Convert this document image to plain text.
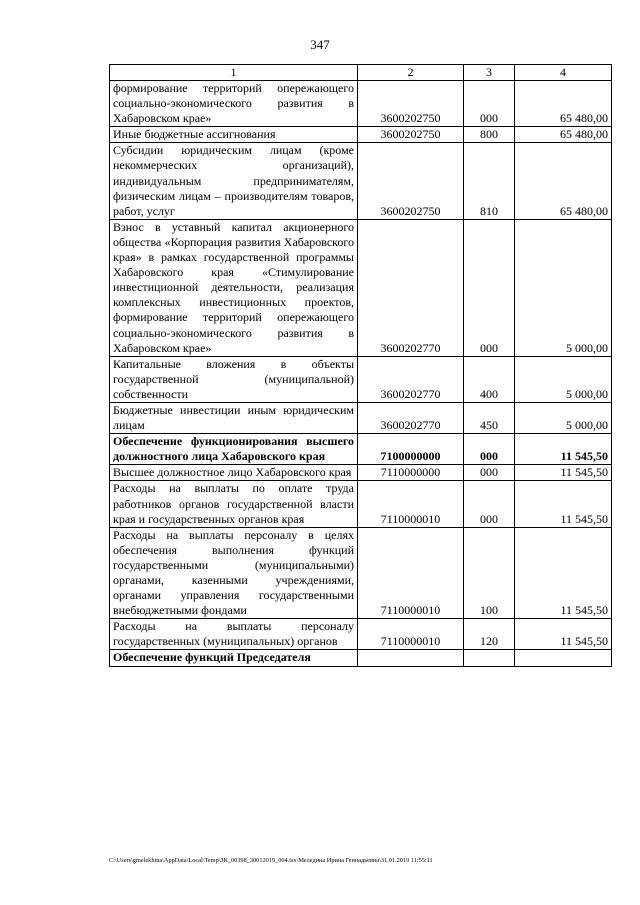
347
1	2	3	4
формирование территорий опережающего социально-экономического развития в Хабаровском крае»	3600202750	000	65 480,00
Иные бюджетные ассигнования	3600202750	800	65 480,00
Субсидии юридическим лицам (кроме некоммерческих организаций), индивидуальным предпринимателям, физическим лицам – производителям товаров, работ, услуг	3600202750	810	65 480,00
Взнос в уставный капитал акционерного общества «Корпорация развития Хабаровского края» в рамках государственной программы Хабаровского края «Стимулирование инвестиционной деятельности, реализация комплексных инвестиционных проектов, формирование территорий опережающего социально-экономического развития в Хабаровском крае»	3600202770	000	5 000,00
Капитальные вложения в объекты государственной (муниципальной) собственности	3600202770	400	5 000,00
Бюджетные инвестиции иным юридическим лицам	3600202770	450	5 000,00
Обеспечение функционирования высшего должностного лица Хабаровского края	7100000000	000	11 545,50
Высшее должностное лицо Хабаровского края	7110000000	000	11 545,50
Расходы на выплаты по оплате труда работников органов государственной власти края и государственных органов края	7110000010	000	11 545,50
Расходы на выплаты персоналу в целях обеспечения выполнения функций государственными (муниципальными) органами, казенными учреждениями, органами управления государственными внебюджетными фондами	7110000010	100	11 545,50
Расходы на выплаты персоналу государственных (муниципальных) органов	7110000010	120	11 545,50
Обеспечение функций Председателя			
C:\Users\gmelekhina\AppData\Local\Temp\ЗК_00398_30012019_004.tsx\Меледина Ирина Геннадьевна\31.01.2019 11:55:11
